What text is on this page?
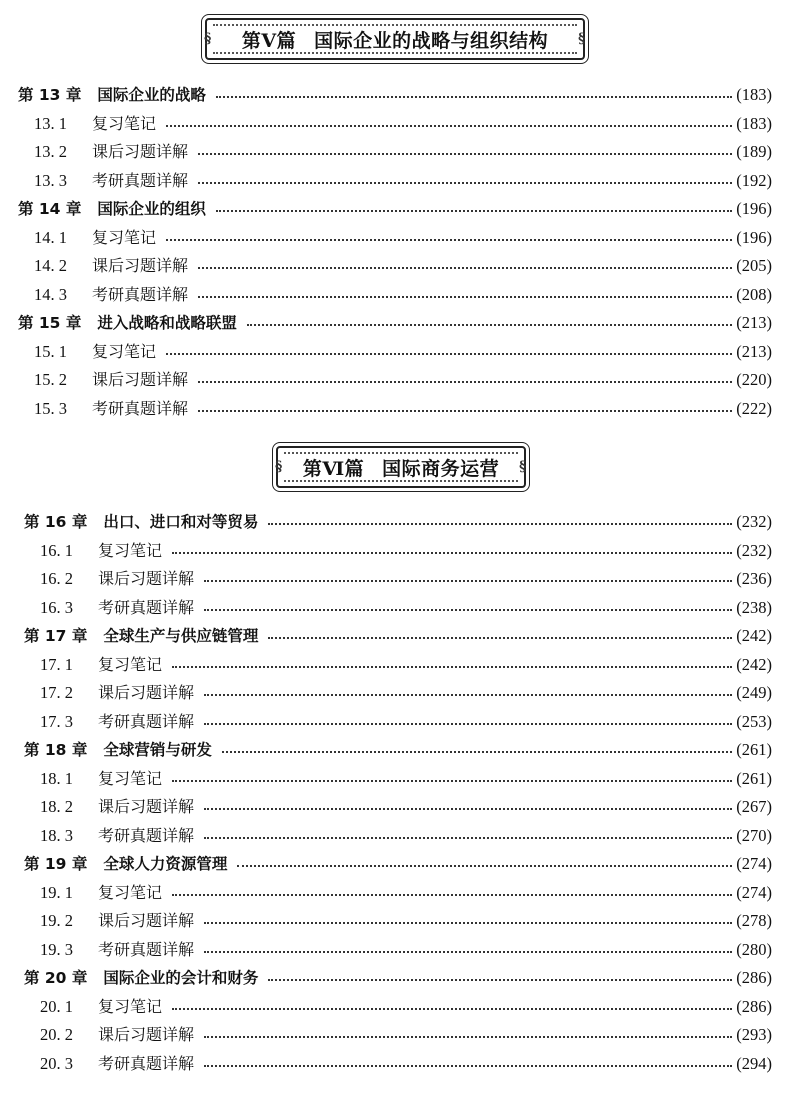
§	§
第Ⅴ篇 国际企业的战略与组织结构
第 13 章 国际企业的战略	(183)
13. 1	复习笔记	(183)
13. 2	课后习题详解	(189)
13. 3	考研真题详解	(192)
第 14 章 国际企业的组织	(196)
14. 1	复习笔记	(196)
14. 2	课后习题详解	(205)
14. 3	考研真题详解	(208)
第 15 章 进入战略和战略联盟	(213)
15. 1	复习笔记	(213)
15. 2	课后习题详解	(220)
15. 3	考研真题详解	(222)
§	§
第Ⅵ篇 国际商务运营
第 16 章 出口、进口和对等贸易	(232)
16. 1	复习笔记	(232)
16. 2	课后习题详解	(236)
16. 3	考研真题详解	(238)
第 17 章 全球生产与供应链管理	(242)
17. 1	复习笔记	(242)
17. 2	课后习题详解	(249)
17. 3	考研真题详解	(253)
第 18 章 全球营销与研发	(261)
18. 1	复习笔记	(261)
18. 2	课后习题详解	(267)
18. 3	考研真题详解	(270)
第 19 章 全球人力资源管理	(274)
19. 1	复习笔记	(274)
19. 2	课后习题详解	(278)
19. 3	考研真题详解	(280)
第 20 章 国际企业的会计和财务	(286)
20. 1	复习笔记	(286)
20. 2	课后习题详解	(293)
20. 3	考研真题详解	(294)
